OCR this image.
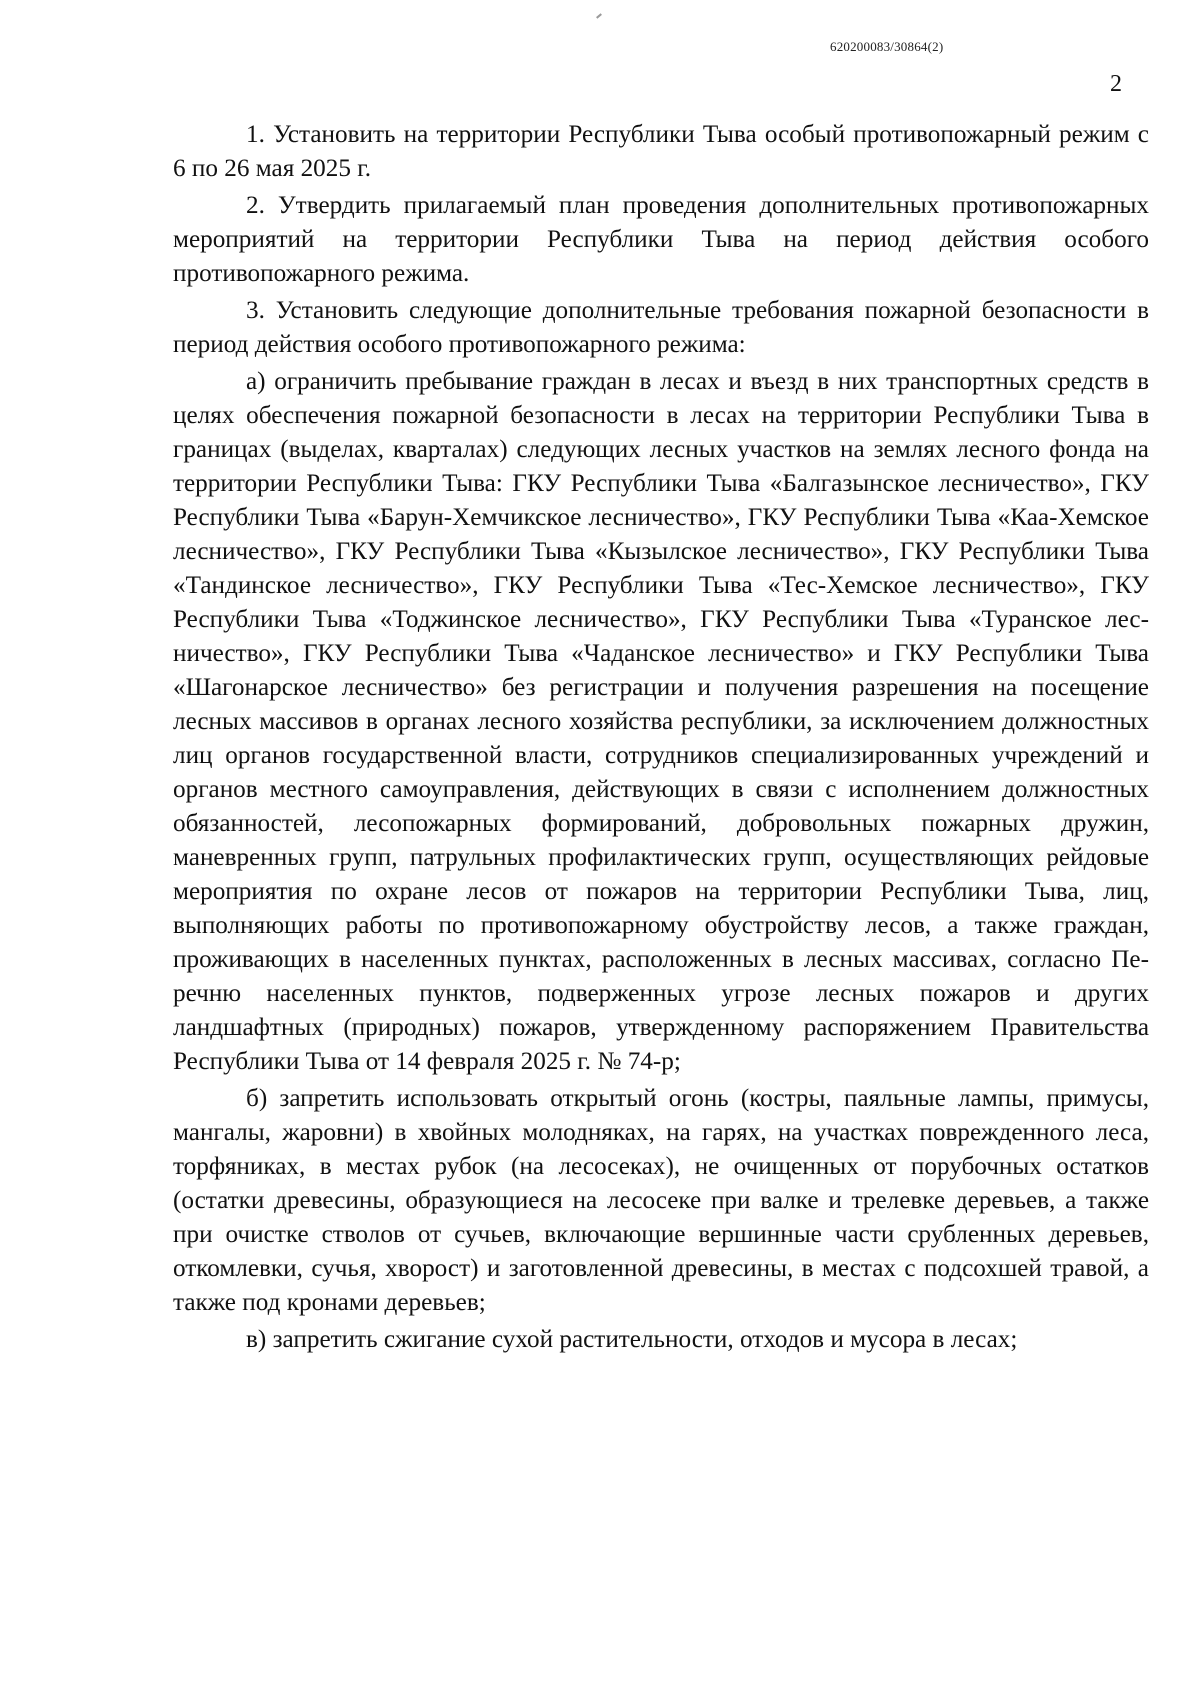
620200083/30864(2)
2

1. Установить на территории Республики Тыва особый противопожарный режим с 6 по 26 мая 2025 г.

2. Утвердить прилагаемый план проведения дополнительных противопожарных мероприятий на территории Республики Тыва на период действия особого противопожарного режима.

3. Установить следующие дополнительные требования пожарной безопасности в период действия особого противопожарного режима:

а) ограничить пребывание граждан в лесах и въезд в них транспортных средств в целях обеспечения пожарной безопасности в лесах на территории Республики Тыва в границах (выделах, кварталах) следующих лесных участков на землях лесного фонда на территории Республики Тыва: ГКУ Республики Тыва «Балгазынское лесничество», ГКУ Республики Тыва «Барун-Хемчикское лесничество», ГКУ Республики Тыва «Каа-Хемское лесничество», ГКУ Республики Тыва «Кызылское лесничество», ГКУ Республики Тыва «Тандинское лесничество», ГКУ Республики Тыва «Тес-Хемское лесничество», ГКУ Республики Тыва «Тоджинское лесничество», ГКУ Республики Тыва «Туранское лесничество», ГКУ Республики Тыва «Чаданское лесничество» и ГКУ Республики Тыва «Шагонарское лесничество» без регистрации и получения разрешения на посещение лесных массивов в органах лесного хозяйства республики, за исключением должностных лиц органов государственной власти, сотрудников специализированных учреждений и органов местного самоуправления, действующих в связи с исполнением должностных обязанностей, лесопожарных формирований, добровольных пожарных дружин, маневренных групп, патрульных профилактических групп, осуществляющих рейдовые мероприятия по охране лесов от пожаров на территории Республики Тыва, лиц, выполняющих работы по противопожарному обустройству лесов, а также граждан, проживающих в населенных пунктах, расположенных в лесных массивах, согласно Перечню населенных пунктов, подверженных угрозе лесных пожаров и других ландшафтных (природных) пожаров, утвержденному распоряжением Правительства Республики Тыва от 14 февраля 2025 г. № 74-р;

б) запретить использовать открытый огонь (костры, паяльные лампы, примусы, мангалы, жаровни) в хвойных молодняках, на гарях, на участках поврежденного леса, торфяниках, в местах рубок (на лесосеках), не очищенных от порубочных остатков (остатки древесины, образующиеся на лесосеке при валке и трелевке деревьев, а также при очистке стволов от сучьев, включающие вершинные части срубленных деревьев, откомлевки, сучья, хворост) и заготовленной древесины, в местах с подсохшей травой, а также под кронами деревьев;

в) запретить сжигание сухой растительности, отходов и мусора в лесах;
